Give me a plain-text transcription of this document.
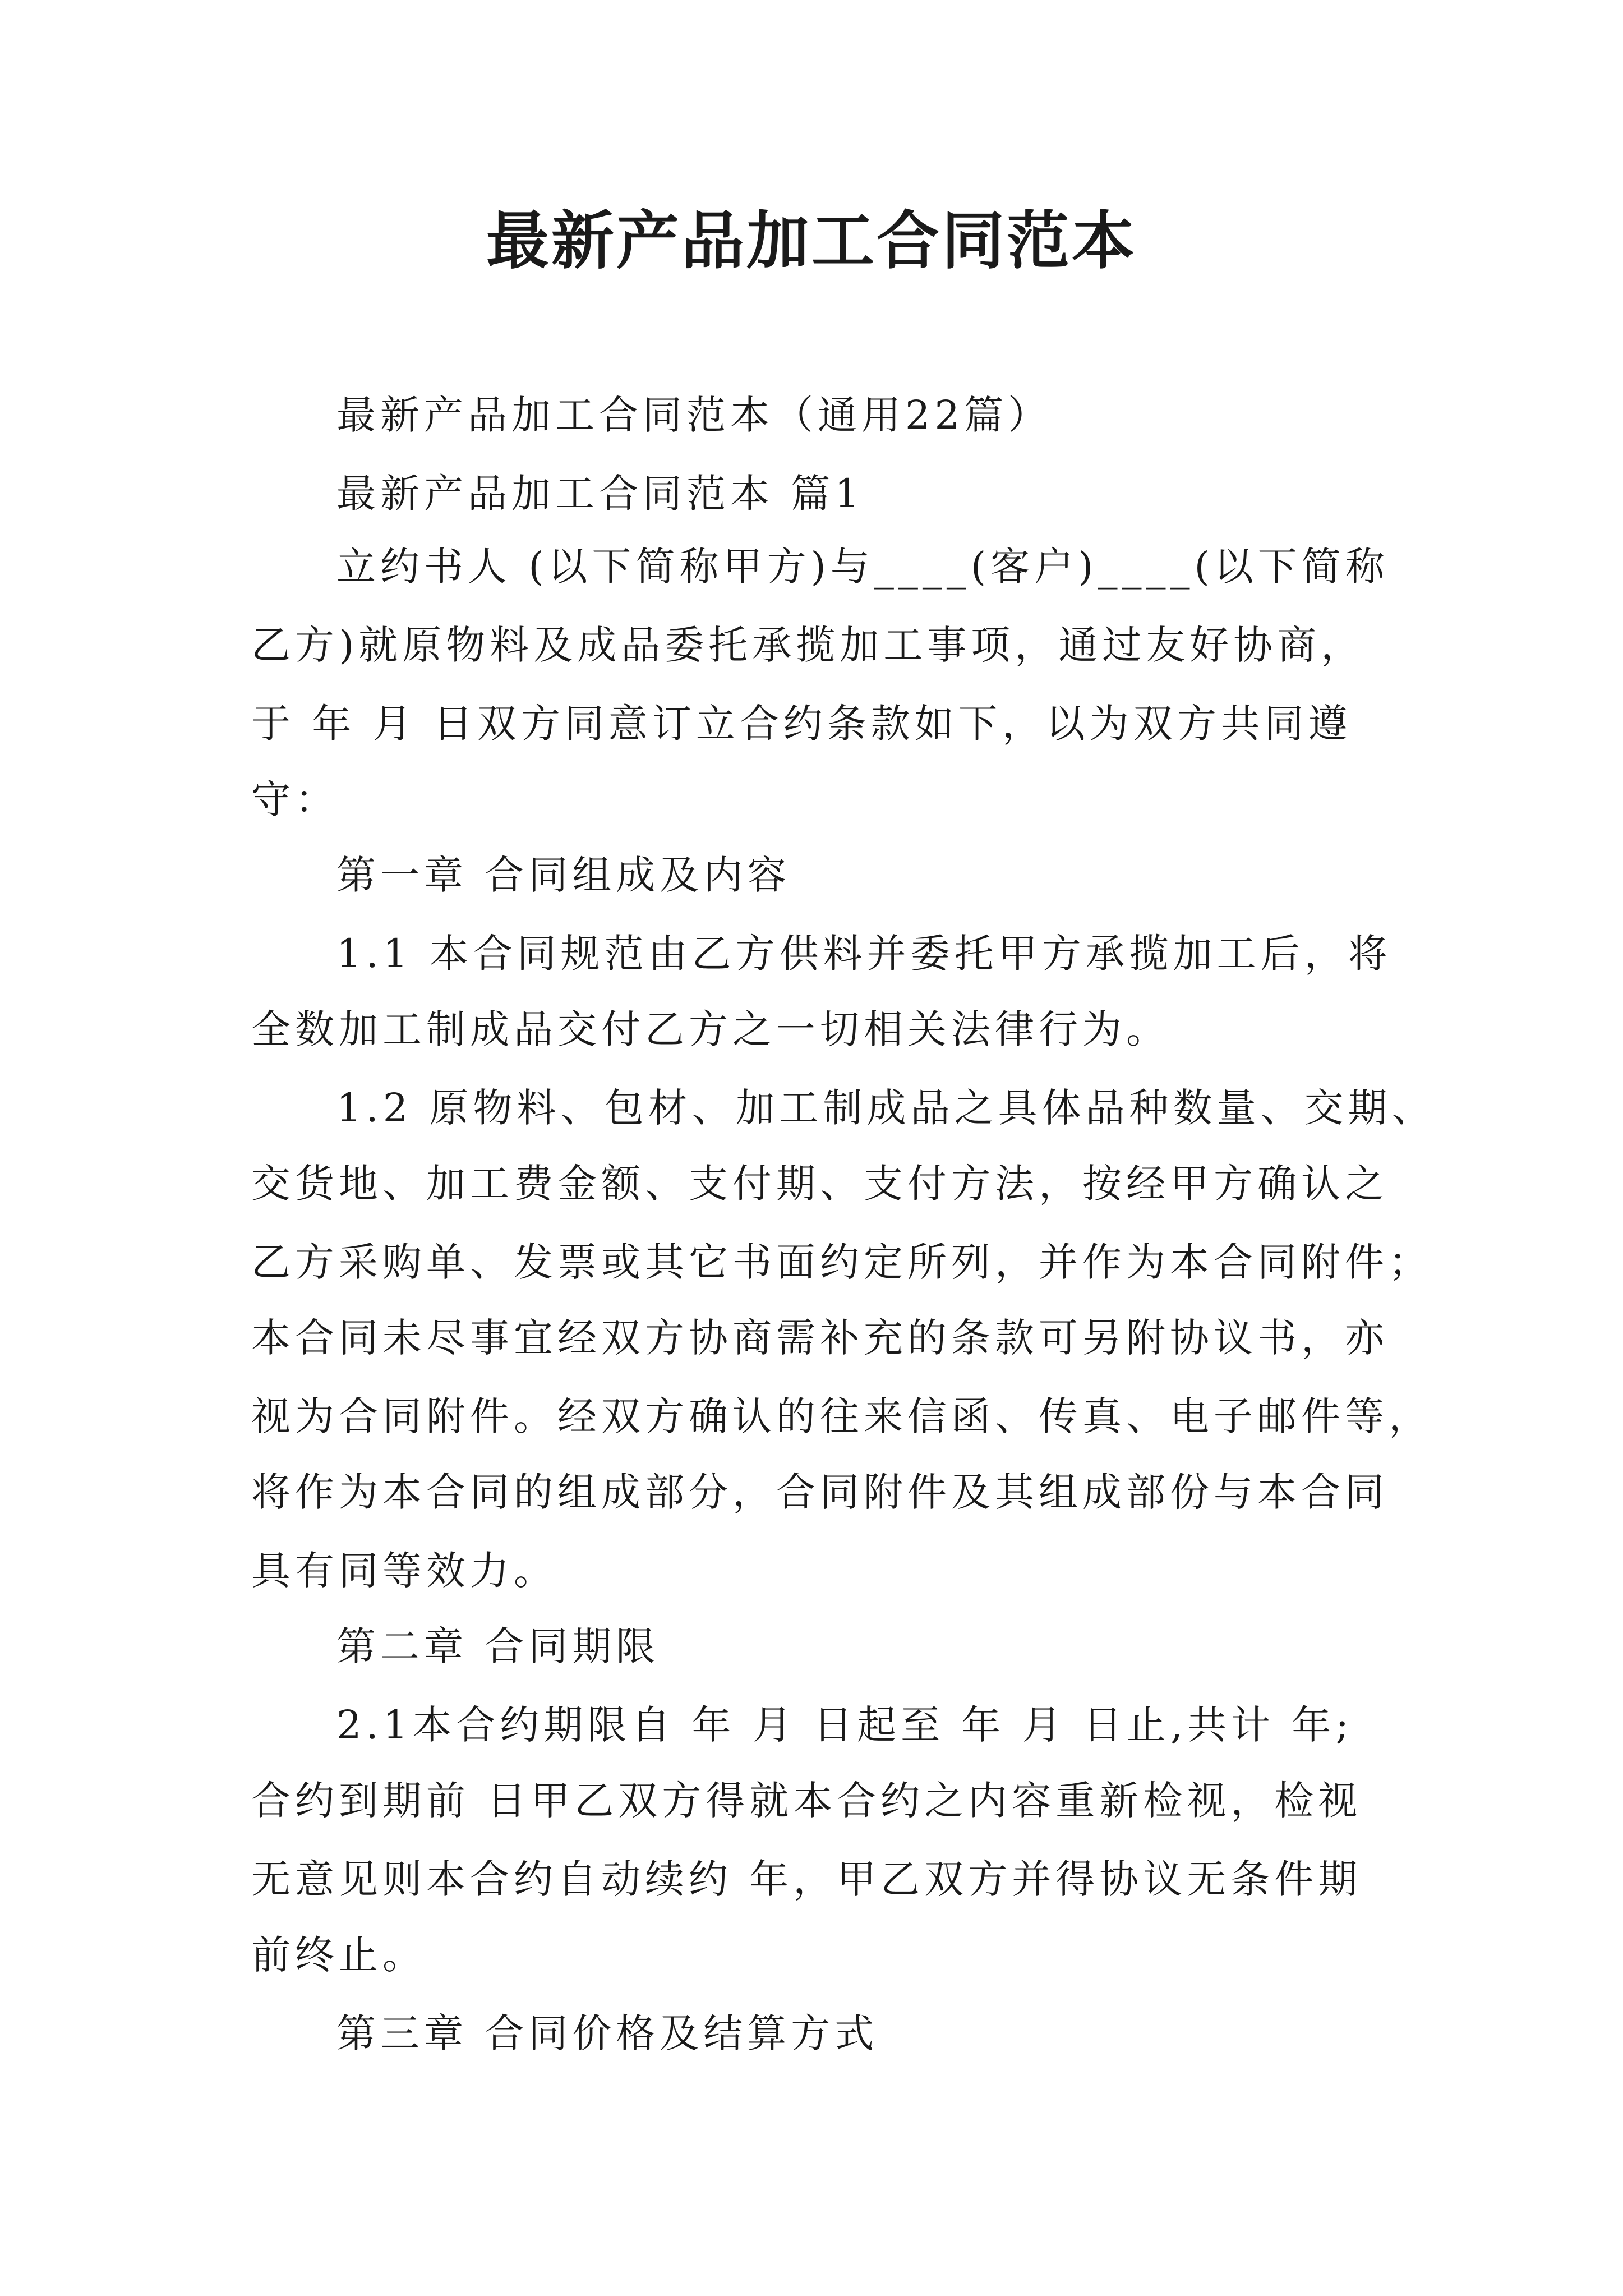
最新产品加工合同范本
最新产品加工合同范本（通用22篇）
最新产品加工合同范本 篇1
立约书人 (以下简称甲方)与____(客户)____(以下简称
乙方)就原物料及成品委托承揽加工事项，通过友好协商，
于 年 月 日双方同意订立合约条款如下，以为双方共同遵
守：
第一章 合同组成及内容
1.1 本合同规范由乙方供料并委托甲方承揽加工后，将
全数加工制成品交付乙方之一切相关法律行为。
1.2 原物料、包材、加工制成品之具体品种数量、交期、
交货地、加工费金额、支付期、支付方法，按经甲方确认之
乙方采购单、发票或其它书面约定所列，并作为本合同附件；
本合同未尽事宜经双方协商需补充的条款可另附协议书，亦
视为合同附件。经双方确认的往来信函、传真、电子邮件等，
将作为本合同的组成部分，合同附件及其组成部份与本合同
具有同等效力。
第二章 合同期限
2.1本合约期限自 年 月 日起至 年 月 日止,共计 年;
合约到期前 日甲乙双方得就本合约之内容重新检视，检视
无意见则本合约自动续约 年，甲乙双方并得协议无条件期
前终止。
第三章 合同价格及结算方式
